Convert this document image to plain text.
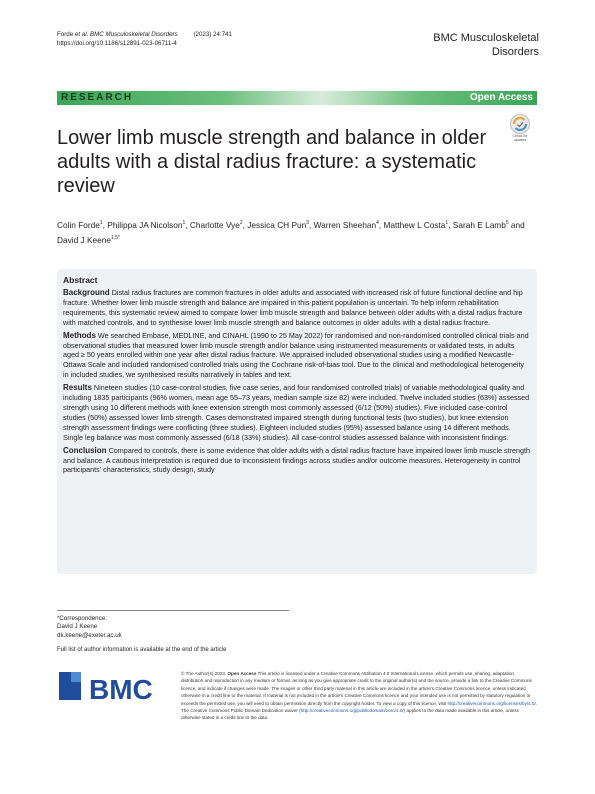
Forde et al. BMC Musculoskeletal Disorders	(2023) 24:741
https://doi.org/10.1186/s12891-023-06711-4	BMC Musculoskeletal
Disorders
RESEARCH	Open Access
Check for
updates
Lower limb muscle strength and balance in older adults with a distal radius fracture: a systematic review
Colin Forde$^1$, Philippa JA Nicolson$^1$, Charlotte Vye$^2$, Jessica CH Pun$^3$, Warren Sheehan$^4$, Matthew L Costa$^1$, Sarah E Lamb$^5$ and David J Keene$^{1,5*}$
Abstract

Background Distal radius fractures are common fractures in older adults and associated with increased risk of future functional decline and hip fracture. Whether lower limb muscle strength and balance are impaired in this patient population is uncertain. To help inform rehabilitation requirements, this systematic review aimed to compare lower limb muscle strength and balance between older adults with a distal radius fracture with matched controls, and to synthesise lower limb muscle strength and balance outcomes in older adults with a distal radius fracture.

Methods We searched Embase, MEDLINE, and CINAHL (1990 to 25 May 2022) for randomised and non-randomised controlled clinical trials and observational studies that measured lower limb muscle strength and/or balance using instrumented measurements or validated tests, in adults aged ≥ 50 years enrolled within one year after distal radius fracture. We appraised included observational studies using a modified Newcastle-Ottawa Scale and included randomised controlled trials using the Cochrane risk-of-bias tool. Due to the clinical and methodological heterogeneity in included studies, we synthesised results narratively in tables and text.

Results Nineteen studies (10 case-control studies, five case series, and four randomised controlled trials) of variable methodological quality and including 1835 participants (96% women, mean age 55–73 years, median sample size 82) were included. Twelve included studies (63%) assessed strength using 10 different methods with knee extension strength most commonly assessed (6/12 (50%) studies). Five included case-control studies (50%) assessed lower limb strength. Cases demonstrated impaired strength during functional tests (two studies), but knee extension strength assessment findings were conflicting (three studies). Eighteen included studies (95%) assessed balance using 14 different methods. Single leg balance was most commonly assessed (6/18 (33%) studies). All case-control studies assessed balance with inconsistent findings.

Conclusion Compared to controls, there is some evidence that older adults with a distal radius fracture have impaired lower limb muscle strength and balance. A cautious interpretation is required due to inconsistent findings across studies and/or outcome measures. Heterogeneity in control participants' characteristics, study design, study

*Correspondence:
David J Keene
dk.keene@exeter.ac.uk
Full list of author information is available at the end of the article
BMC
© The Author(s) 2023. Open Access This article is licensed under a Creative Commons Attribution 4.0 International License, which permits use, sharing, adaptation, distribution and reproduction in any medium or format, as long as you give appropriate credit to the original author(s) and the source, provide a link to the Creative Commons licence, and indicate if changes were made. The images or other third party material in this article are included in the article's Creative Commons licence, unless indicated otherwise in a credit line to the material. If material is not included in the article's Creative Commons licence and your intended use is not permitted by statutory regulation or exceeds the permitted use, you will need to obtain permission directly from the copyright holder. To view a copy of this licence, visit http://creativecommons.org/licenses/by/4.0/. The Creative Commons Public Domain Dedication waiver (http://creativecommons.org/publicdomain/zero/1.0/) applies to the data made available in this article, unless otherwise stated in a credit line to the data.
